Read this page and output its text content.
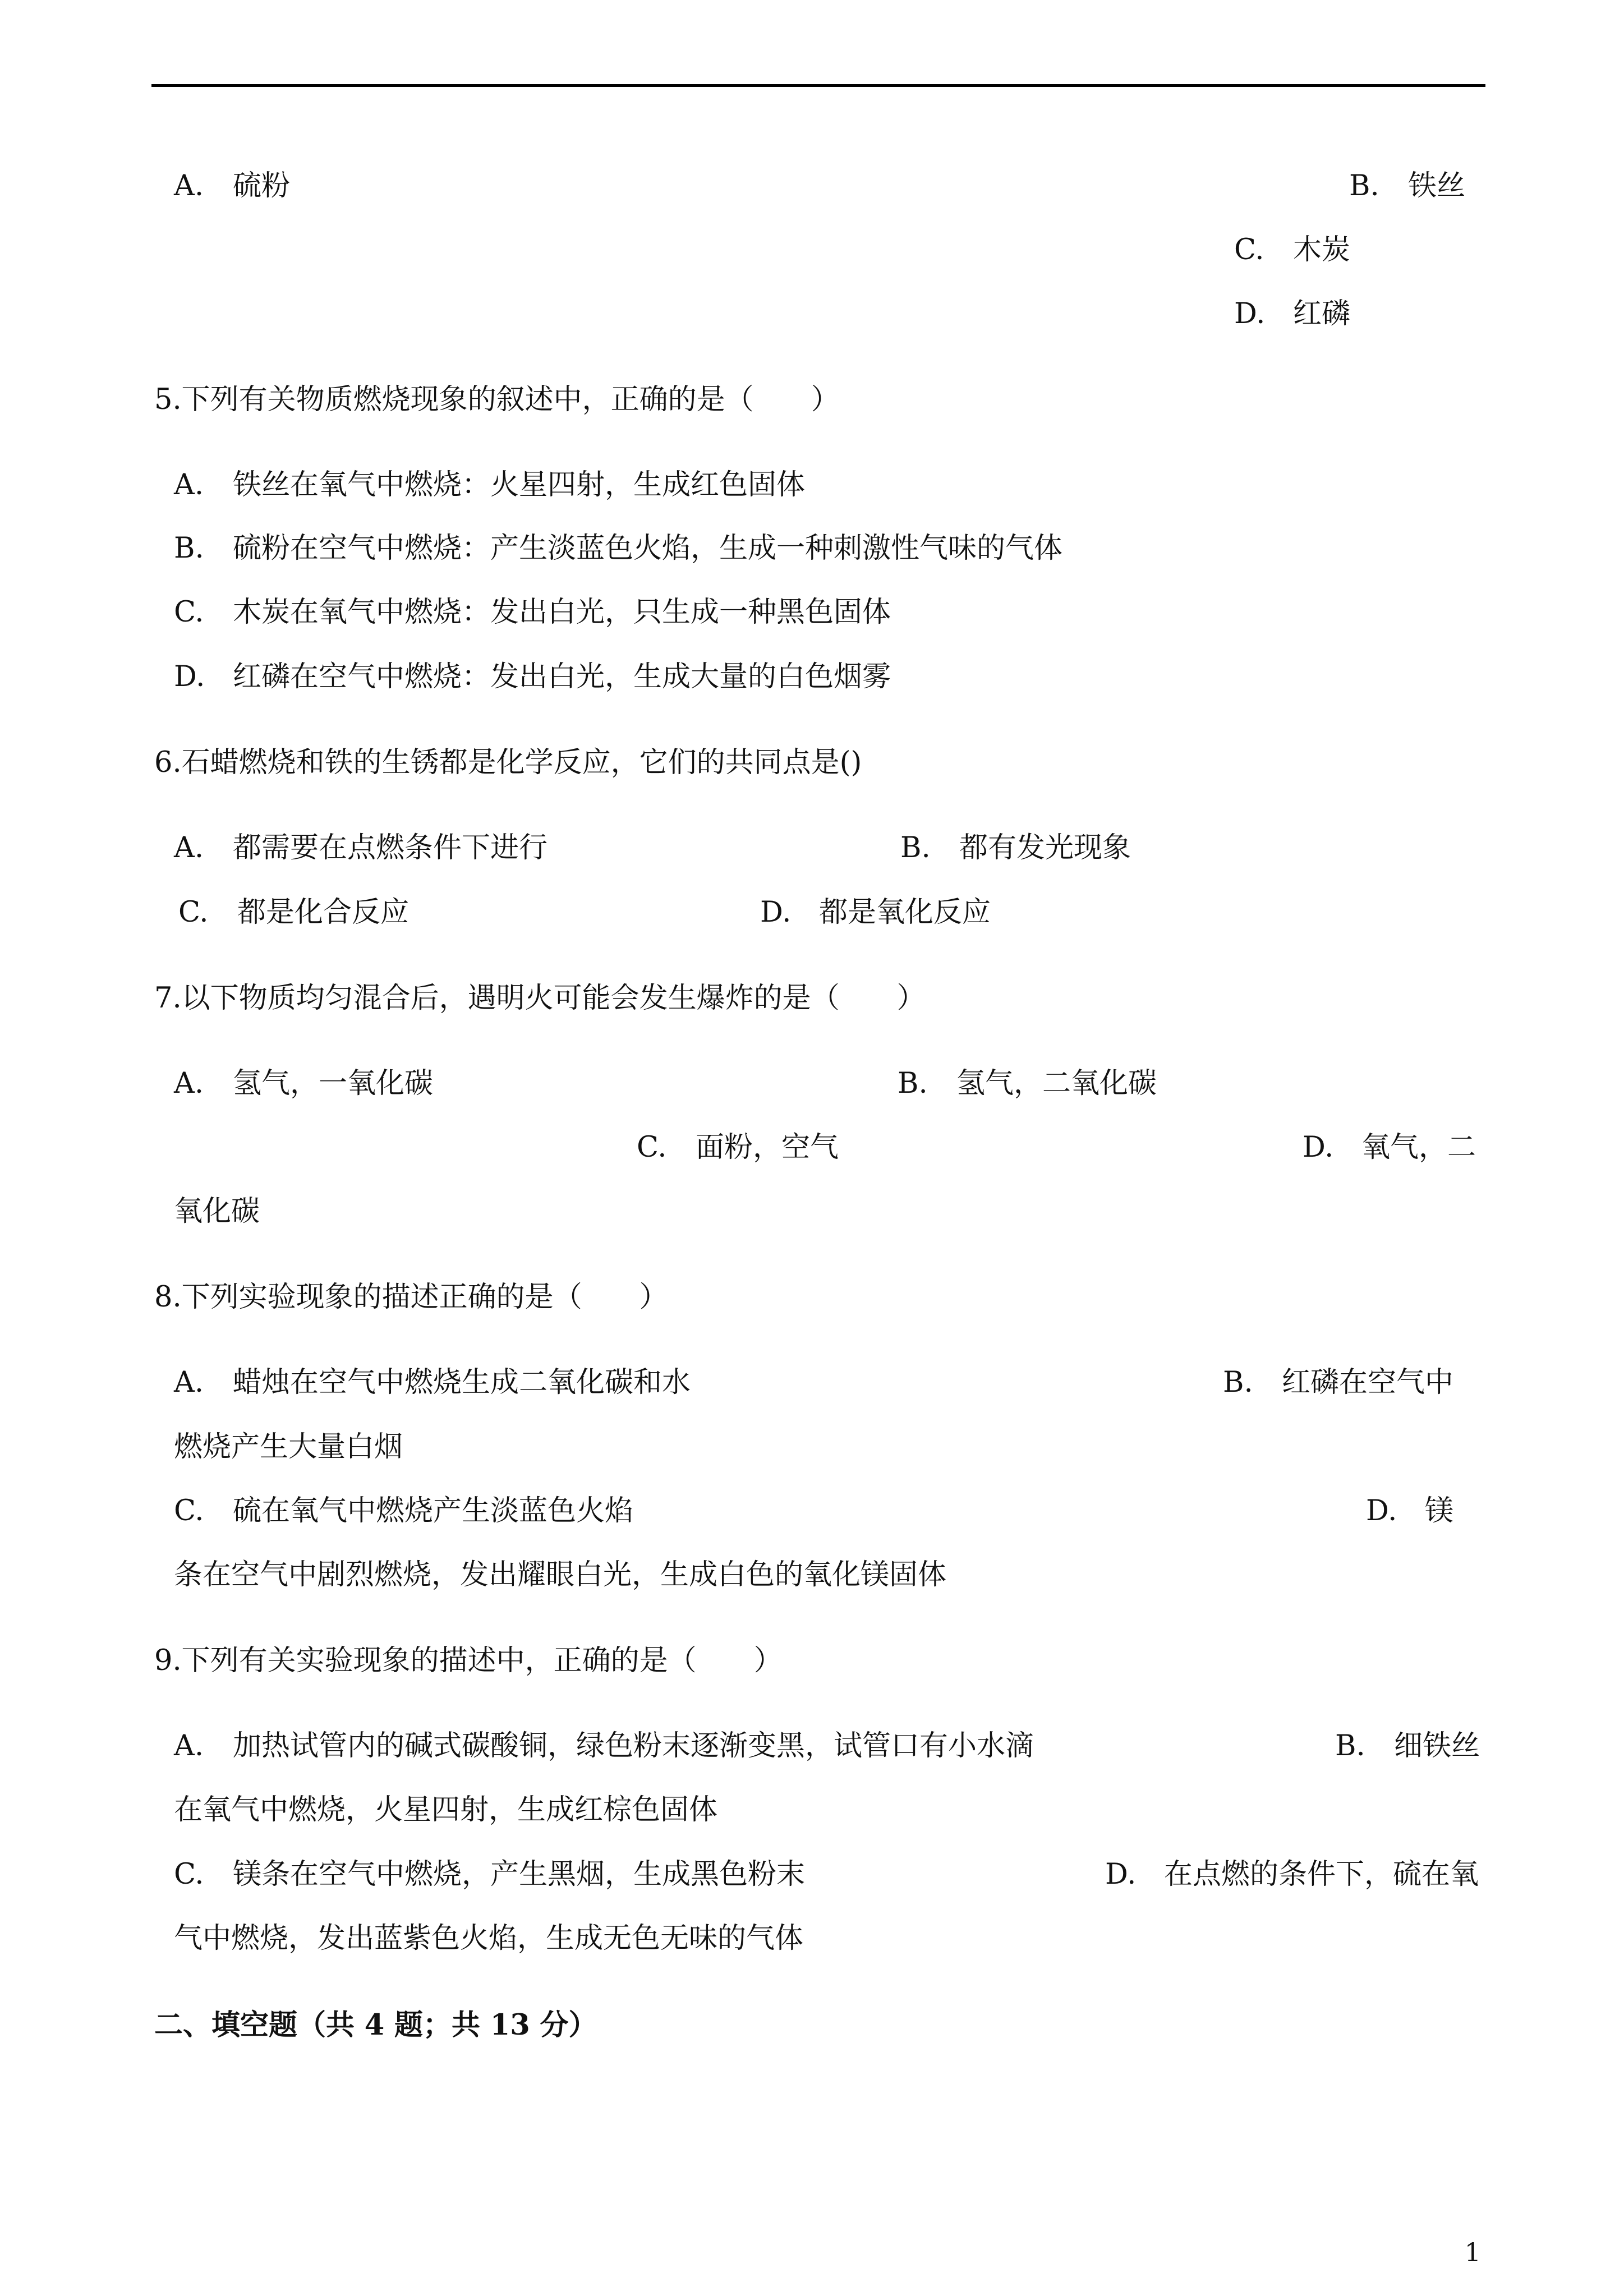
A. 硫粉	B. 铁丝
C. 木炭
D. 红磷
5.下列有关物质燃烧现象的叙述中，正确的是（　　）
A. 铁丝在氧气中燃烧：火星四射，生成红色固体
B. 硫粉在空气中燃烧：产生淡蓝色火焰，生成一种刺激性气味的气体
C. 木炭在氧气中燃烧：发出白光，只生成一种黑色固体
D. 红磷在空气中燃烧：发出白光，生成大量的白色烟雾
6.石蜡燃烧和铁的生锈都是化学反应，它们的共同点是()
A. 都需要在点燃条件下进行	B. 都有发光现象
C. 都是化合反应	D. 都是氧化反应
7.以下物质均匀混合后，遇明火可能会发生爆炸的是（　　）
A. 氢气，一氧化碳	B. 氢气，二氧化碳
C. 面粉，空气	D. 氧气，二
氧化碳
8.下列实验现象的描述正确的是（　　）
A. 蜡烛在空气中燃烧生成二氧化碳和水	B. 红磷在空气中
燃烧产生大量白烟
C. 硫在氧气中燃烧产生淡蓝色火焰	D. 镁
条在空气中剧烈燃烧，发出耀眼白光，生成白色的氧化镁固体
9.下列有关实验现象的描述中，正确的是（　　）
A. 加热试管内的碱式碳酸铜，绿色粉末逐渐变黑，试管口有小水滴	B. 细铁丝
在氧气中燃烧，火星四射，生成红棕色固体
C. 镁条在空气中燃烧，产生黑烟，生成黑色粉末	D. 在点燃的条件下，硫在氧
气中燃烧，发出蓝紫色火焰，生成无色无味的气体
二、填空题（共 4 题；共 13 分）
1
